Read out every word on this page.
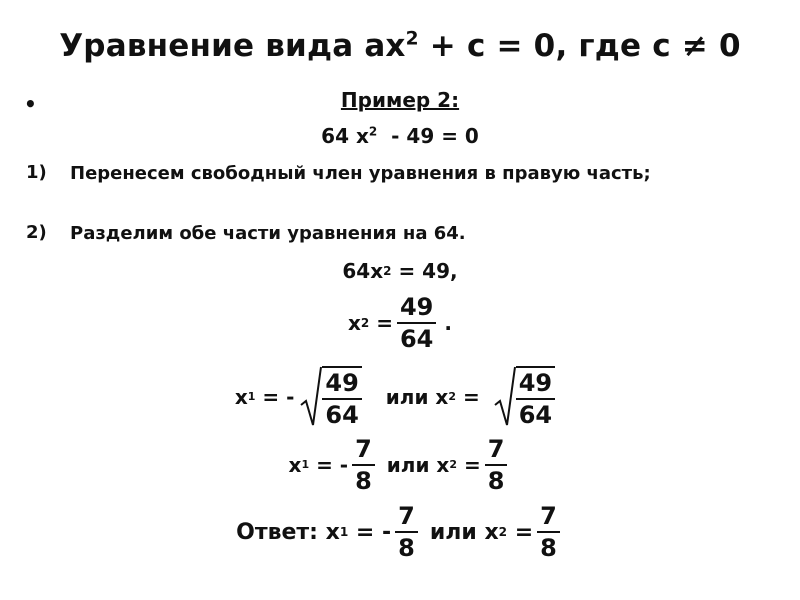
Уравнение вида $ах^2 + с = 0$, где с ≠ 0
•	Пример 2:
64 $х^2 - 49 = 0$
1)	Перенесем свободный член уравнения в правую часть;
2)	Разделим обе части уравнения на 64.
64х 2 = 49,
х $2 = \frac{49}{64}$ .
х 1 = - $\frac{49}{64}$ или х $2 = \frac{49}{64}$
х 1 = - $\frac{7}{8}$ или х $2 = \frac{7}{8}$
Ответ: х 1 = - $\frac{7}{8}$ или х $2 = \frac{7}{8}$
